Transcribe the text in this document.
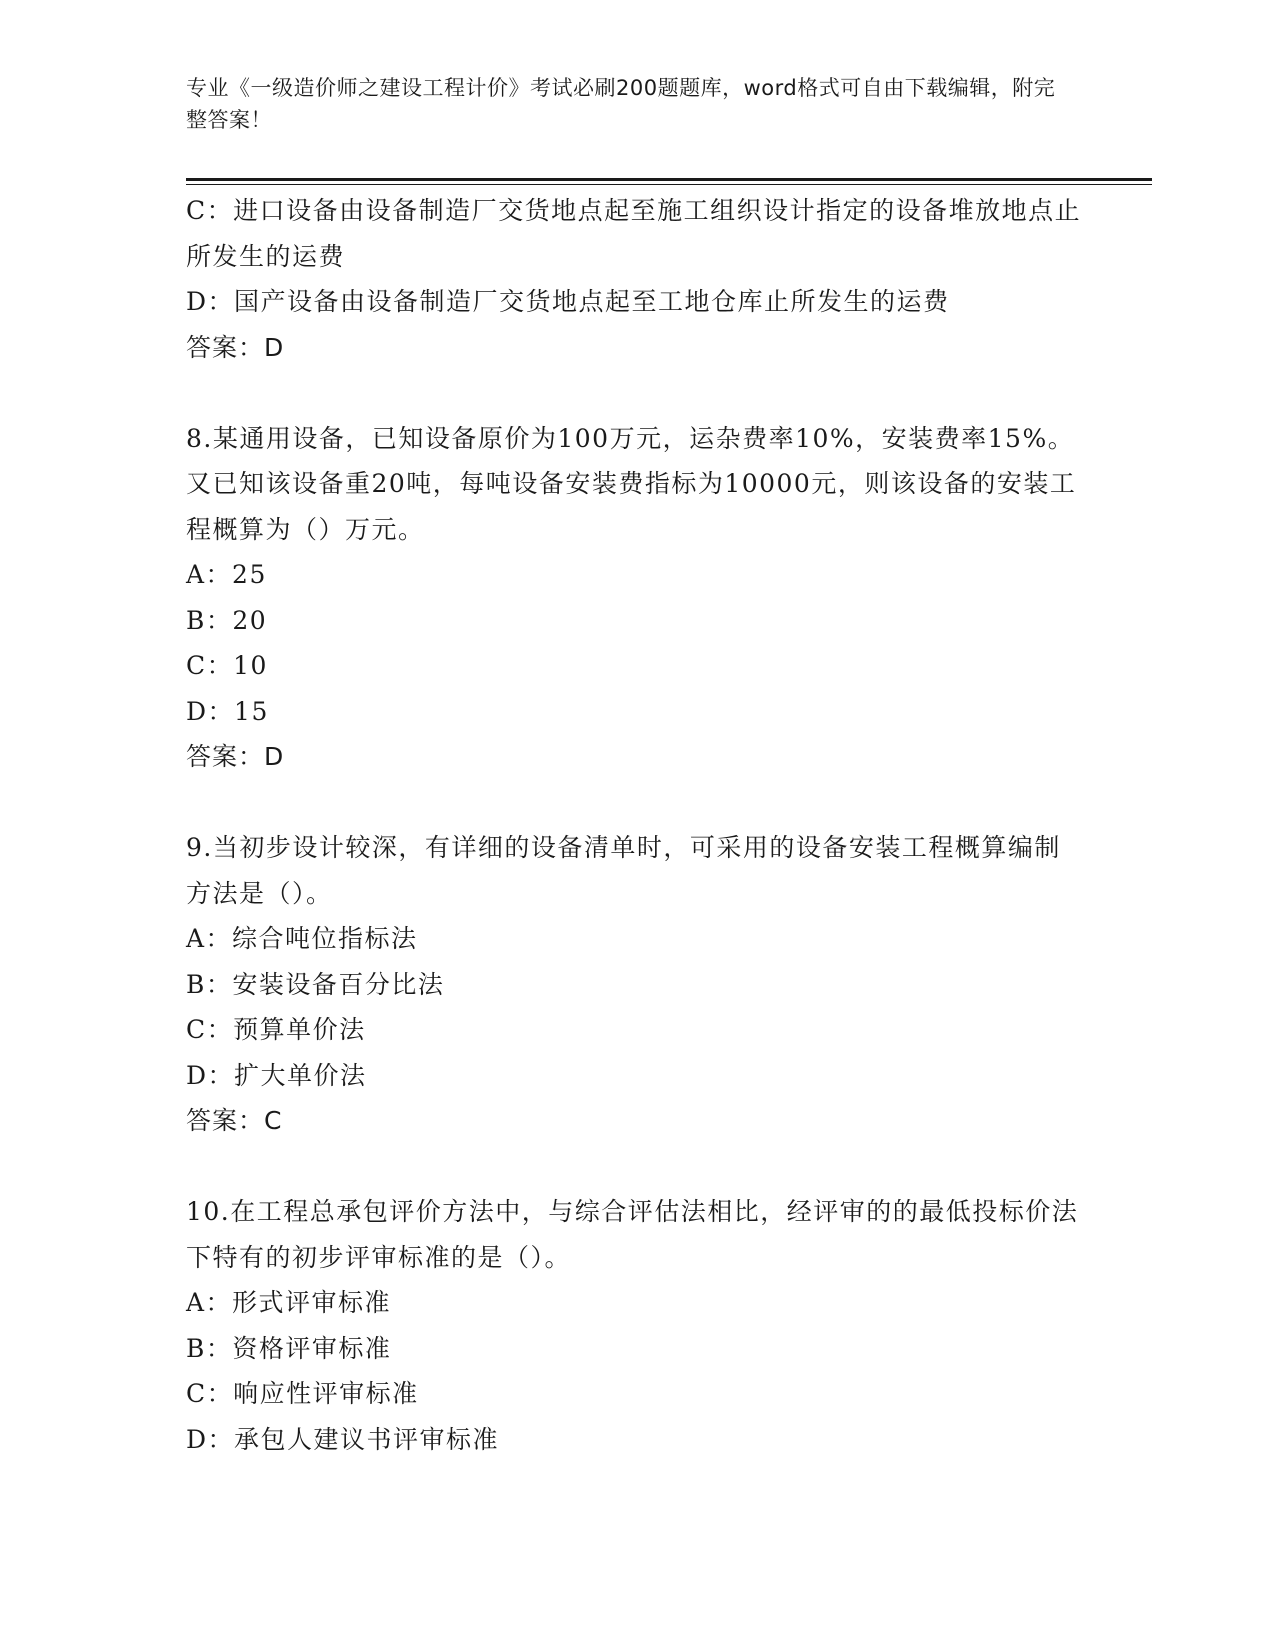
专业《一级造价师之建设工程计价》考试必刷200题题库，word格式可自由下载编辑，附完整答案！

C：进口设备由设备制造厂交货地点起至施工组织设计指定的设备堆放地点止所发生的运费

D：国产设备由设备制造厂交货地点起至工地仓库止所发生的运费

答案：D

8.某通用设备，已知设备原价为100万元，运杂费率10%，安装费率15%。又已知该设备重20吨，每吨设备安装费指标为10000元，则该设备的安装工程概算为（）万元。

A：25

B：20

C：10

D：15

答案：D

9.当初步设计较深，有详细的设备清单时，可采用的设备安装工程概算编制方法是（）。

A：综合吨位指标法

B：安装设备百分比法

C：预算单价法

D：扩大单价法

答案：C

10.在工程总承包评价方法中，与综合评估法相比，经评审的的最低投标价法下特有的初步评审标准的是（）。

A：形式评审标准

B：资格评审标准

C：响应性评审标准

D：承包人建议书评审标准
